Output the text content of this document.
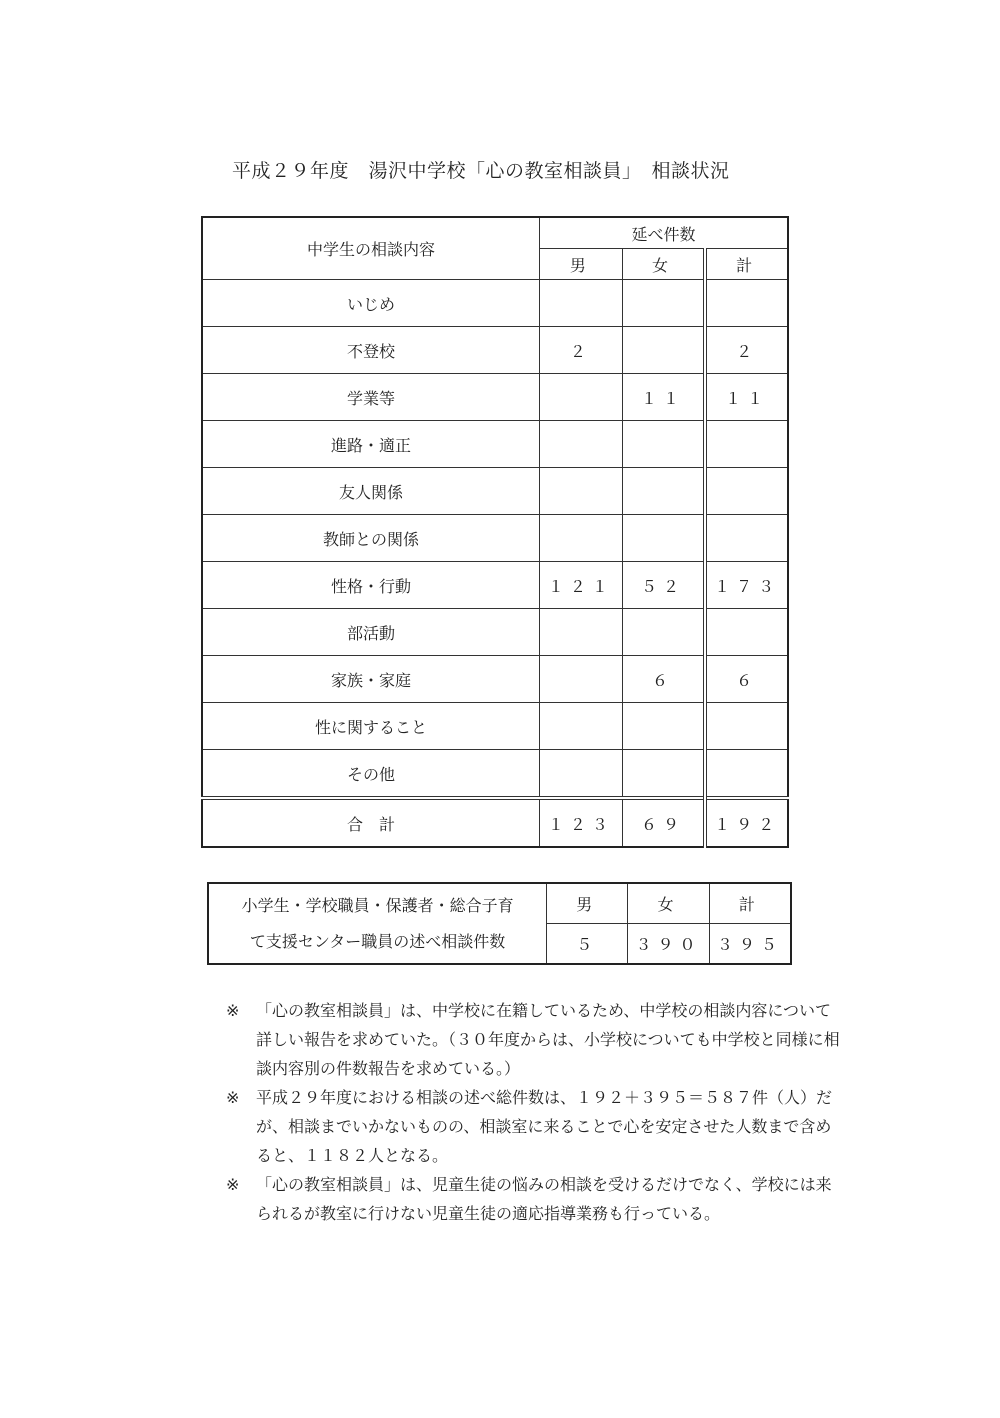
平成２９年度　湯沢中学校「心の教室相談員」　相談状況
中学生の相談内容	延べ件数		
	男	女	計
いじめ			
不登校	２		２
学業等		１１	１１
進路・適正			
友人関係			
教師との関係			
性格・行動	１２１	５２	１７３
部活動			
家族・家庭		６	６
性に関すること			
その他			
合　計	１２３	６９	１９２
小学生・学校職員・保護者・総合子育
て支援センター職員の述べ相談件数	男	女	計
	５	３９０	３９５
※	「心の教室相談員」は、中学校に在籍しているため、中学校の相談内容について詳しい報告を求めていた。（３０年度からは、小学校についても中学校と同様に相談内容別の件数報告を求めている。）
※	平成２９年度における相談の述べ総件数は、１９２＋３９５＝５８７件（人）だが、相談までいかないものの、相談室に来ることで心を安定させた人数まで含めると、１１８２人となる。
※	「心の教室相談員」は、児童生徒の悩みの相談を受けるだけでなく、学校には来られるが教室に行けない児童生徒の適応指導業務も行っている。
